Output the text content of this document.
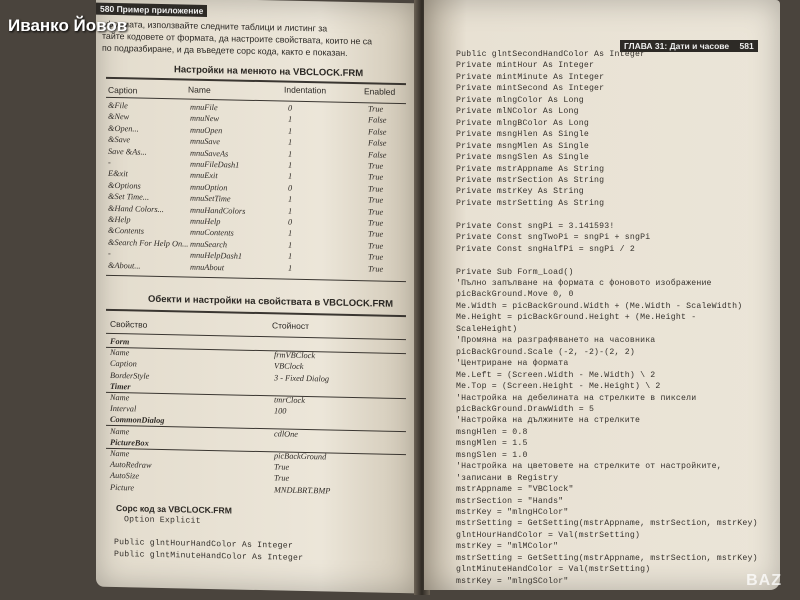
580 Пример приложение
формата, използвайте следните таблици и листинг за
тайте кодовете от формата, да настроите свойствата, които не са
по подразбиране, и да въведете сорс кода, както е показан.
Настройки на менюто на VBCLOCK.FRM
Caption	Name	Indentation	Enabled
&File	mnuFile	0	True
&New	mnuNew	1	False
&Open...	mnuOpen	1	False
&Save	mnuSave	1	False
Save &As...	mnuSaveAs	1	False
-	mnuFileDash1	1	True
E&xit	mnuExit	1	True
&Options	mnuOption	0	True
&Set Time...	mnuSetTime	1	True
&Hand Colors...	mnuHandColors	1	True
&Help	mnuHelp	0	True
&Contents	mnuContents	1	True
&Search For Help On... mnuSearch	1	True
-	mnuHelpDash1	1	True
&About...	mnuAbout	1	True
Обекти и настройки на свойствата в VBCLOCK.FRM
Свойство	Стойност
Form
Name	frmVBClock
Caption	VBClock
BorderStyle	3 - Fixed Dialog
Timer
Name	tmrClock
Interval	100
CommonDialog
Name	cdlOne
PictureBox
Name	picBackGround
AutoRedraw	True
AutoSize	True
Picture	MNDLBRT.BMP
Сорс код за VBCLOCK.FRM
Option Explicit
Public glntHourHandColor As Integer
Public glntMinuteHandColor As Integer
ГЛАВА 31: Дати и часове 581
Public glntSecondHandColor As Integer
Private mintHour As Integer
Private mintMinute As Integer
Private mintSecond As Integer
Private mlngColor As Long
Private mlNColor As Long
Private mlngBColor As Long
Private msngHlen As Single
Private msngMlen As Single
Private msngSlen As Single
Private mstrAppname As String
Private mstrSection As String
Private mstrKey As String
Private mstrSetting As String
Private Const sngPi = 3.141593!
Private Const sngTwoPi = sngPi + sngPi
Private Const sngHalfPi = sngPi / 2
Private Sub Form_Load()
'Пълно запълване на формата с фоновото изображение
picBackGround.Move 0, 0
Me.Width = picBackGround.Width + (Me.Width - ScaleWidth)
Me.Height = picBackGround.Height + (Me.Height -
ScaleHeight)
'Промяна на разграфяването на часовника
picBackGround.Scale (-2, -2)-(2, 2)
'Центриране на формата
Me.Left = (Screen.Width - Me.Width) \ 2
Me.Top = (Screen.Height - Me.Height) \ 2
'Настройка на дебелината на стрелките в пиксели
picBackGround.DrawWidth = 5
'Настройка на дължините на стрелките
msngHlen = 0.8
msngMlen = 1.5
msngSlen = 1.0
'Настройка на цветовете на стрелките от настройките,
'записани в Registry
mstrAppname = "VBClock"
mstrSection = "Hands"
mstrKey = "mlngHColor"
mstrSetting = GetSetting(mstrAppname, mstrSection, mstrKey)
glntHourHandColor = Val(mstrSetting)
mstrKey = "mlMColor"
mstrSetting = GetSetting(mstrAppname, mstrSection, mstrKey)
glntMinuteHandColor = Val(mstrSetting)
mstrKey = "mlngSColor"
Иванко Йовов
BAZ
